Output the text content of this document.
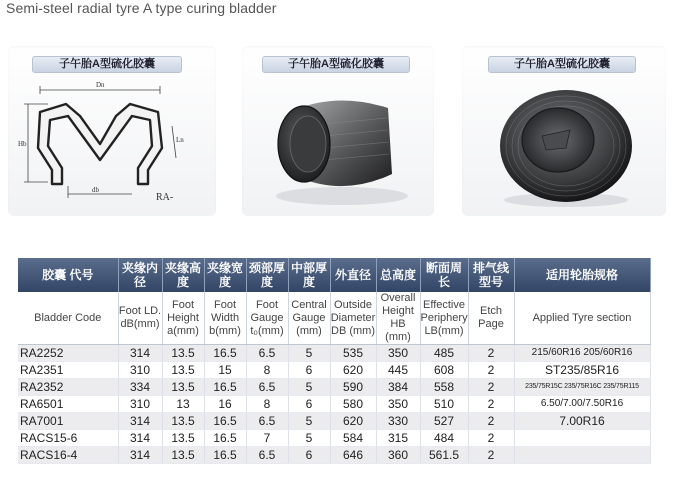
Semi-steel radial tyre A type curing bladder
子午胎A型硫化胶囊
Dn
Hb	Ln
db
RA-
子午胎A型硫化胶囊	子午胎A型硫化胶囊
胶囊 代号	夹缘内径	夹缘高度	夹缘宽度	颈部厚度	中部厚度	外直径	总高度	断面周长	排气线型号	适用轮胎规格
Bladder Code	Foot LD. dB(mm)	Foot Height a(mm)	Foot Width b(mm)	Foot Gauge t₀(mm)	Central Gauge (mm)	Outside Diameter DB (mm)	Overall Height HB (mm)	Effective Periphery LB(mm)	Etch Page	Applied Tyre section
RA2252	314	13.5	16.5	6.5	5	535	350	485	2	215/60R16 205/60R16
RA2351	310	13.5	15	8	6	620	445	608	2	ST235/85R16
RA2352	334	13.5	16.5	6.5	5	590	384	558	2	235/75R15C 235/75R16C 235/75R115
RA6501	310	13	16	8	6	580	350	510	2	6.50/7.00/7.50R16
RA7001	314	13.5	16.5	6.5	5	620	330	527	2	7.00R16
RACS15-6	314	13.5	16.5	7	5	584	315	484	2	
RACS16-4	314	13.5	16.5	6.5	6	646	360	561.5	2	
